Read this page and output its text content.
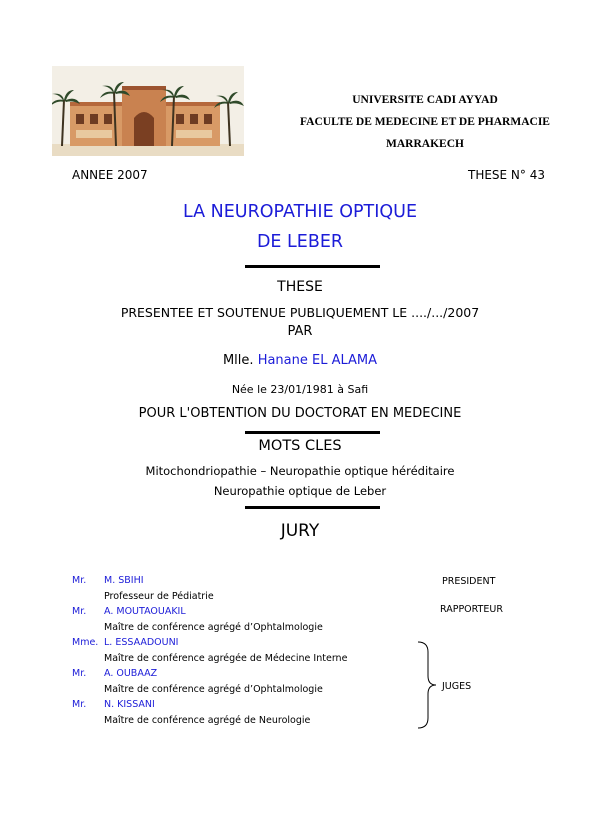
UNIVERSITE CADI AYYAD
FACULTE DE MEDECINE ET DE PHARMACIE
MARRAKECH
ANNEE 2007	THESE N° 43
LA NEUROPATHIE OPTIQUE
DE LEBER
THESE
PRESENTEE ET SOUTENUE PUBLIQUEMENT LE ..../.../2007
PAR
Mlle. Hanane EL ALAMA
Née le 23/01/1981 à Safi
POUR L'OBTENTION DU DOCTORAT EN MEDECINE
MOTS CLES
Mitochondriopathie – Neuropathie optique héréditaire
Neuropathie optique de Leber
JURY
Mr. M. SBIHI
Professeur de Pédiatrie
Mr. A. MOUTAOUAKIL
Maître de conférence agrégé d’Ophtalmologie
Mme. L. ESSAADOUNI
Maître de conférence agrégée de Médecine Interne
Mr. A. OUBAAZ
Maître de conférence agrégé d’Ophtalmologie
Mr. N. KISSANI
Maître de conférence agrégé de Neurologie
PRESIDENT
RAPPORTEUR
JUGES
